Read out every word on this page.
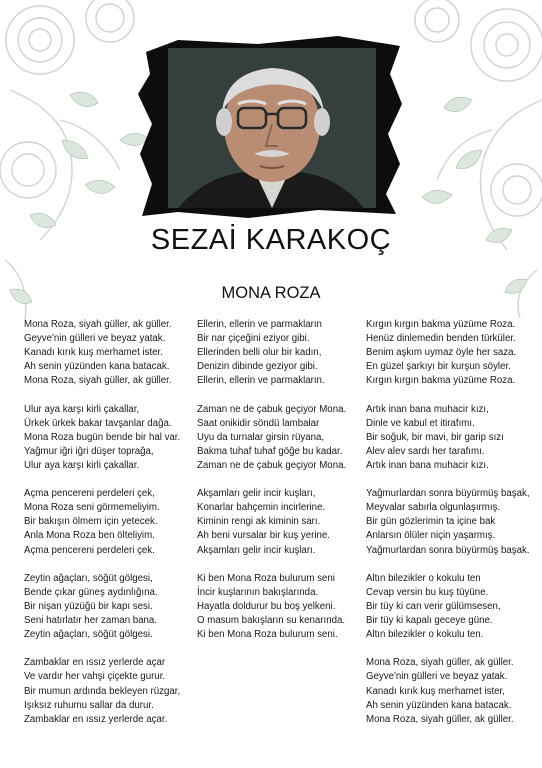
SEZAİ KARAKOÇ
MONA ROZA
Mona Roza, siyah güller, ak güller.
Geyve'nin gülleri ve beyaz yatak.
Kanadı kırık kuş merhamet ister.
Ah senin yüzünden kana batacak.
Mona Roza, siyah güller, ak güller.
Ulur aya karşı kirli çakallar,
Ürkek ürkek bakar tavşanlar dağa.
Mona Roza bugün bende bir hal var.
Yağmur iğri iğri düşer toprağa,
Ulur aya karşı kirli çakallar.
Açma pencereni perdeleri çek,
Mona Roza seni görmemeliyim.
Bir bakışın ölmem için yetecek.
Anla Mona Roza ben ölteliyim.
Açma pencereni perdeleri çek.
Zeytin ağaçları, söğüt gölgesi,
Bende çıkar güneş aydınlığına.
Bir nişan yüzüğü bir kapı sesi.
Seni hatırlatır her zaman bana.
Zeytin ağaçları, söğüt gölgesi.
Zambaklar en ıssız yerlerde açar
Ve vardır her vahşi çiçekte gurur.
Bir mumun ardında bekleyen rüzgar,
Işıksız ruhumu sallar da durur.
Zambaklar en ıssız yerlerde açar.
Ellerin, ellerin ve parmakların
Bir nar çiçeğini eziyor gibi.
Ellerinden belli olur bir kadın,
Denizin dibinde geziyor gibi.
Ellerin, ellerin ve parmakların.
Zaman ne de çabuk geçiyor Mona.
Saat onikidir söndü lambalar
Uyu da turnalar girsin rüyana,
Bakma tuhaf tuhaf göğe bu kadar.
Zaman ne de çabuk geçiyor Mona.
Akşamları gelir incir kuşları,
Konarlar bahçemin incirlerine.
Kiminin rengi ak kiminin sarı.
Ah beni vursalar bir kuş yerine.
Akşamları gelir incir kuşları.
Ki ben Mona Roza bulurum seni
İncir kuşlarının bakışlarında.
Hayatla doldurur bu boş yelkeni.
O masum bakışların su kenarında.
Ki ben Mona Roza bulurum seni.
Kırgın kırgın bakma yüzüme Roza.
Henüz dinlemedin benden türküler.
Benim aşkım uymaz öyle her saza.
En güzel şarkıyı bir kurşun söyler.
Kırgın kırgın bakma yüzüme Roza.
Artık inan bana muhacir kızı,
Dinle ve kabul et itirafımı.
Bir soğuk, bir mavi, bir garip sızı
Alev alev sardı her tarafımı.
Artık inan bana muhacir kızı.
Yağmurlardan sonra büyürmüş başak,
Meyvalar sabırla olgunlaşırmış.
Bir gün gözlerimin ta içine bak
Anlarsın ölüler niçin yaşarmış.
Yağmurlardan sonra büyürmüş başak.
Altın bilezikler o kokulu ten
Cevap versin bu kuş tüyüne.
Bir tüy ki can verir gülümsesen,
Bir tüy ki kapalı geceye güne.
Altın bilezikler o kokulu ten.
Mona Roza, siyah güller, ak güller.
Geyve'nin gülleri ve beyaz yatak.
Kanadı kırık kuş merhamet ister,
Ah senin yüzünden kana batacak.
Mona Roza, siyah güller, ak güller.
